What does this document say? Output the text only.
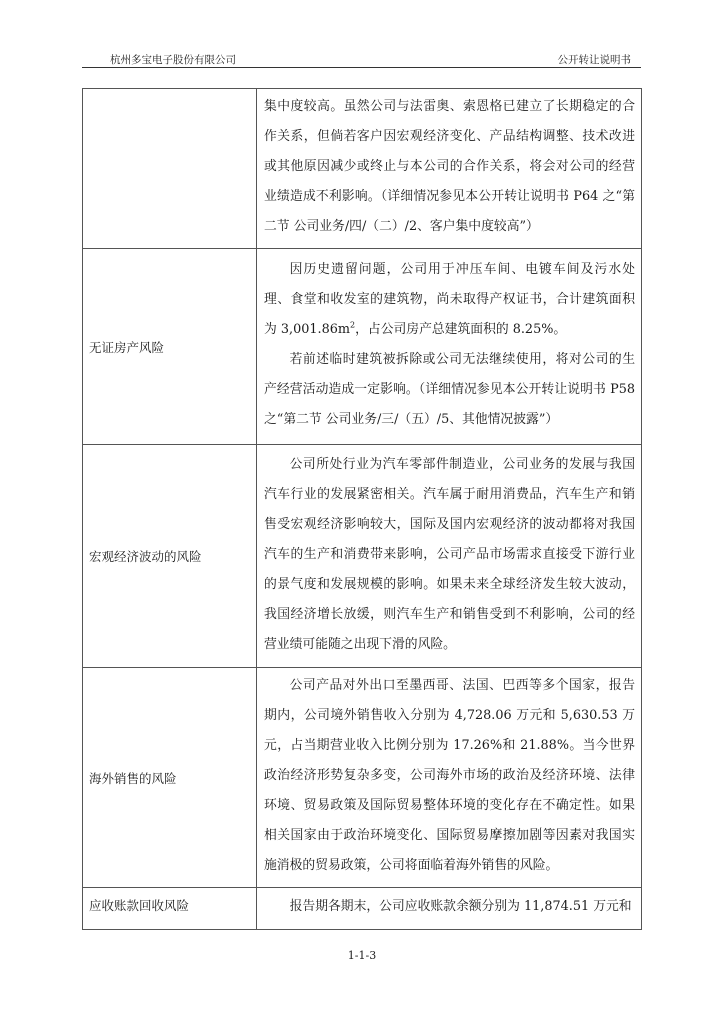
杭州多宝电子股份有限公司	公开转让说明书

	集中度较高。虽然公司与法雷奥、索恩格已建立了长期稳定的合作关系，但倘若客户因宏观经济变化、产品结构调整、技术改进或其他原因减少或终止与本公司的合作关系，将会对公司的经营业绩造成不利影响。（详细情况参见本公开转让说明书 P64 之“第二节 公司业务/四/（二）/2、客户集中度较高”）

无证房产风险	因历史遗留问题，公司用于冲压车间、电镀车间及污水处理、食堂和收发室的建筑物，尚未取得产权证书，合计建筑面积为 $3,001.86m^2$，占公司房产总建筑面积的 8.25%。

若前述临时建筑被拆除或公司无法继续使用，将对公司的生产经营活动造成一定影响。（详细情况参见本公开转让说明书 P58 之“第二节 公司业务/三/（五）/5、其他情况披露”）

宏观经济波动的风险	公司所处行业为汽车零部件制造业，公司业务的发展与我国汽车行业的发展紧密相关。汽车属于耐用消费品，汽车生产和销售受宏观经济影响较大，国际及国内宏观经济的波动都将对我国汽车的生产和消费带来影响，公司产品市场需求直接受下游行业的景气度和发展规模的影响。如果未来全球经济发生较大波动，我国经济增长放缓，则汽车生产和销售受到不利影响，公司的经营业绩可能随之出现下滑的风险。

海外销售的风险	公司产品对外出口至墨西哥、法国、巴西等多个国家，报告期内，公司境外销售收入分别为 4,728.06 万元和 5,630.53 万元，占当期营业收入比例分别为 17.26%和 21.88%。当今世界政治经济形势复杂多变，公司海外市场的政治及经济环境、法律环境、贸易政策及国际贸易整体环境的变化存在不确定性。如果相关国家由于政治环境变化、国际贸易摩擦加剧等因素对我国实施消极的贸易政策，公司将面临着海外销售的风险。

应收账款回收风险	报告期各期末，公司应收账款余额分别为 11,874.51 万元和

1-1-3
